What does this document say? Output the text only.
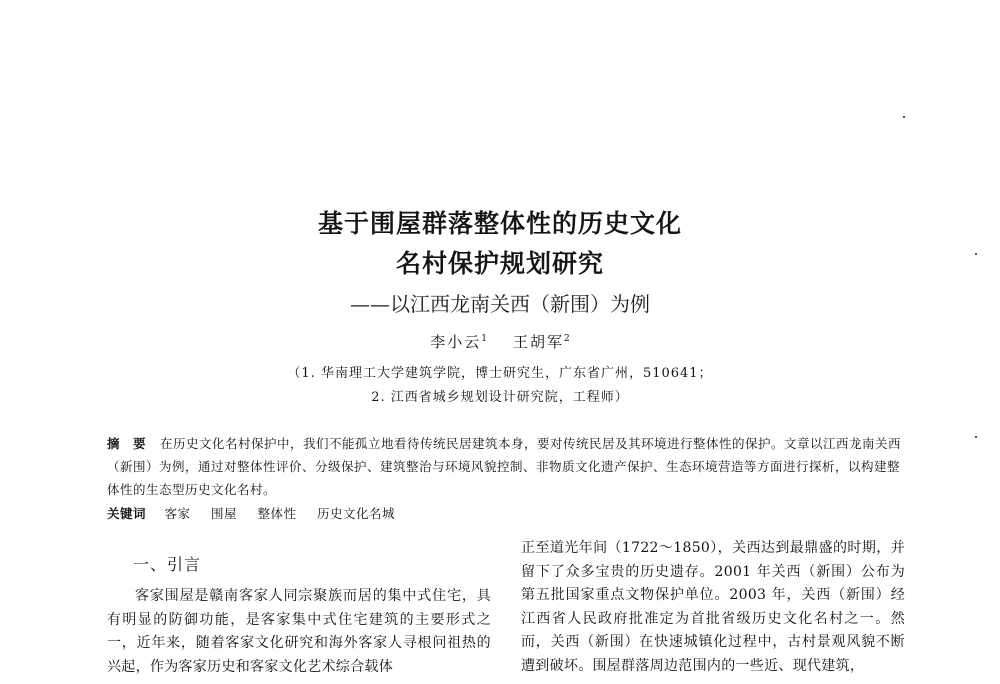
基于围屋群落整体性的历史文化
名村保护规划研究
——以江西龙南关西（新围）为例
李小云$^1$ 王胡军$^2$
（1. 华南理工大学建筑学院，博士研究生，广东省广州，510641；
2. 江西省城乡规划设计研究院，工程师）
摘　要 在历史文化名村保护中，我们不能孤立地看待传统民居建筑本身，要对传统民居及其环境进行整体性的保护。文章以江西龙南关西（新围）为例，通过对整体性评价、分级保护、建筑整治与环境风貌控制、非物质文化遗产保护、生态环境营造等方面进行探析，以构建整体性的生态型历史文化名村。
关键词 客家 围屋 整体性 历史文化名城
一、引言
客家围屋是赣南客家人同宗聚族而居的集中式住宅，具有明显的防御功能，是客家集中式住宅建筑的主要形式之一，近年来，随着客家文化研究和海外客家人寻根问祖热的兴起，作为客家历史和客家文化艺术综合载体
正至道光年间（1722～1850），关西达到最鼎盛的时期，并留下了众多宝贵的历史遗存。2001 年关西（新围）公布为第五批国家重点文物保护单位。2003 年，关西（新围）经江西省人民政府批准定为首批省级历史文化名村之一。然而，关西（新围）在快速城镇化过程中，古村景观风貌不断遭到破坏。围屋群落周边范围内的一些近、现代建筑，
